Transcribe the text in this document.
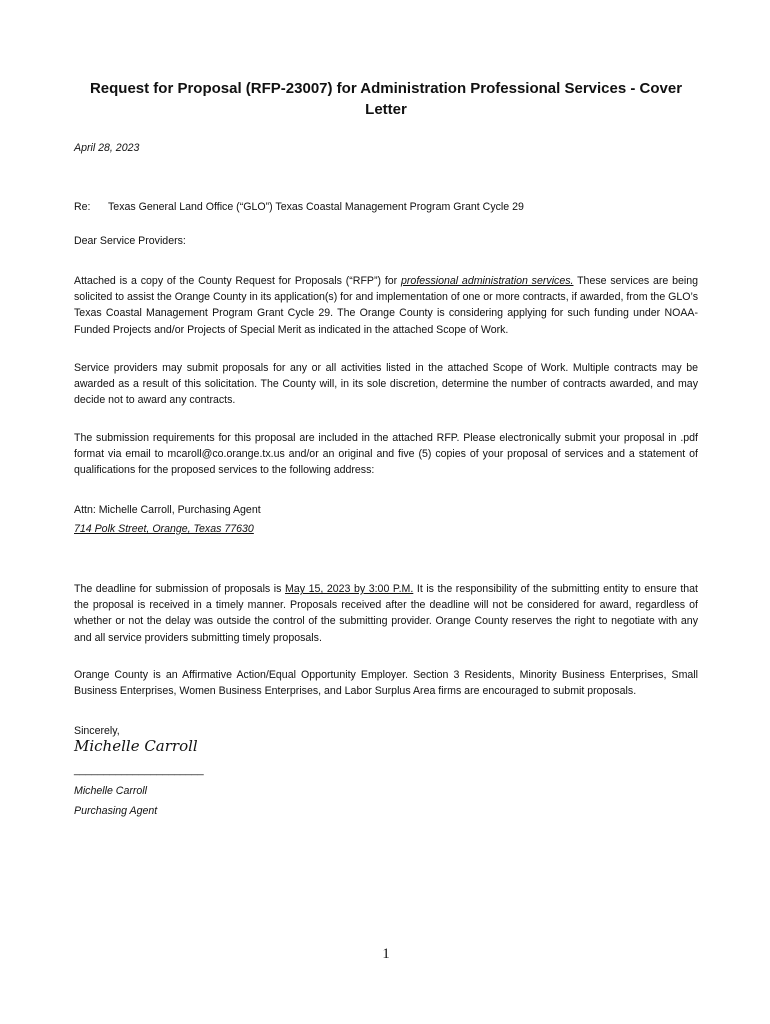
Request for Proposal (RFP-23007) for Administration Professional Services - Cover Letter

April 28, 2023

Re: Texas General Land Office (“GLO”) Texas Coastal Management Program Grant Cycle 29

Dear Service Providers:

Attached is a copy of the County Request for Proposals (“RFP”) for professional administration services. These services are being solicited to assist the Orange County in its application(s) for and implementation of one or more contracts, if awarded, from the GLO’s Texas Coastal Management Program Grant Cycle 29. The Orange County is considering applying for such funding under NOAA-Funded Projects and/or Projects of Special Merit as indicated in the attached Scope of Work.

Service providers may submit proposals for any or all activities listed in the attached Scope of Work. Multiple contracts may be awarded as a result of this solicitation. The County will, in its sole discretion, determine the number of contracts awarded, and may decide not to award any contracts.

The submission requirements for this proposal are included in the attached RFP. Please electronically submit your proposal in .pdf format via email to mcaroll@co.orange.tx.us and/or an original and five (5) copies of your proposal of services and a statement of qualifications for the proposed services to the following address:

Attn: Michelle Carroll, Purchasing Agent

714 Polk Street, Orange, Texas 77630

The deadline for submission of proposals is May 15, 2023 by 3:00 P.M. It is the responsibility of the submitting entity to ensure that the proposal is received in a timely manner. Proposals received after the deadline will not be considered for award, regardless of whether or not the delay was outside the control of the submitting provider. Orange County reserves the right to negotiate with any and all service providers submitting timely proposals.

Orange County is an Affirmative Action/Equal Opportunity Employer. Section 3 Residents, Minority Business Enterprises, Small Business Enterprises, Women Business Enterprises, and Labor Surplus Area firms are encouraged to submit proposals.

Sincerely,

Michelle Carroll

______________________

Michelle Carroll

Purchasing Agent

1
